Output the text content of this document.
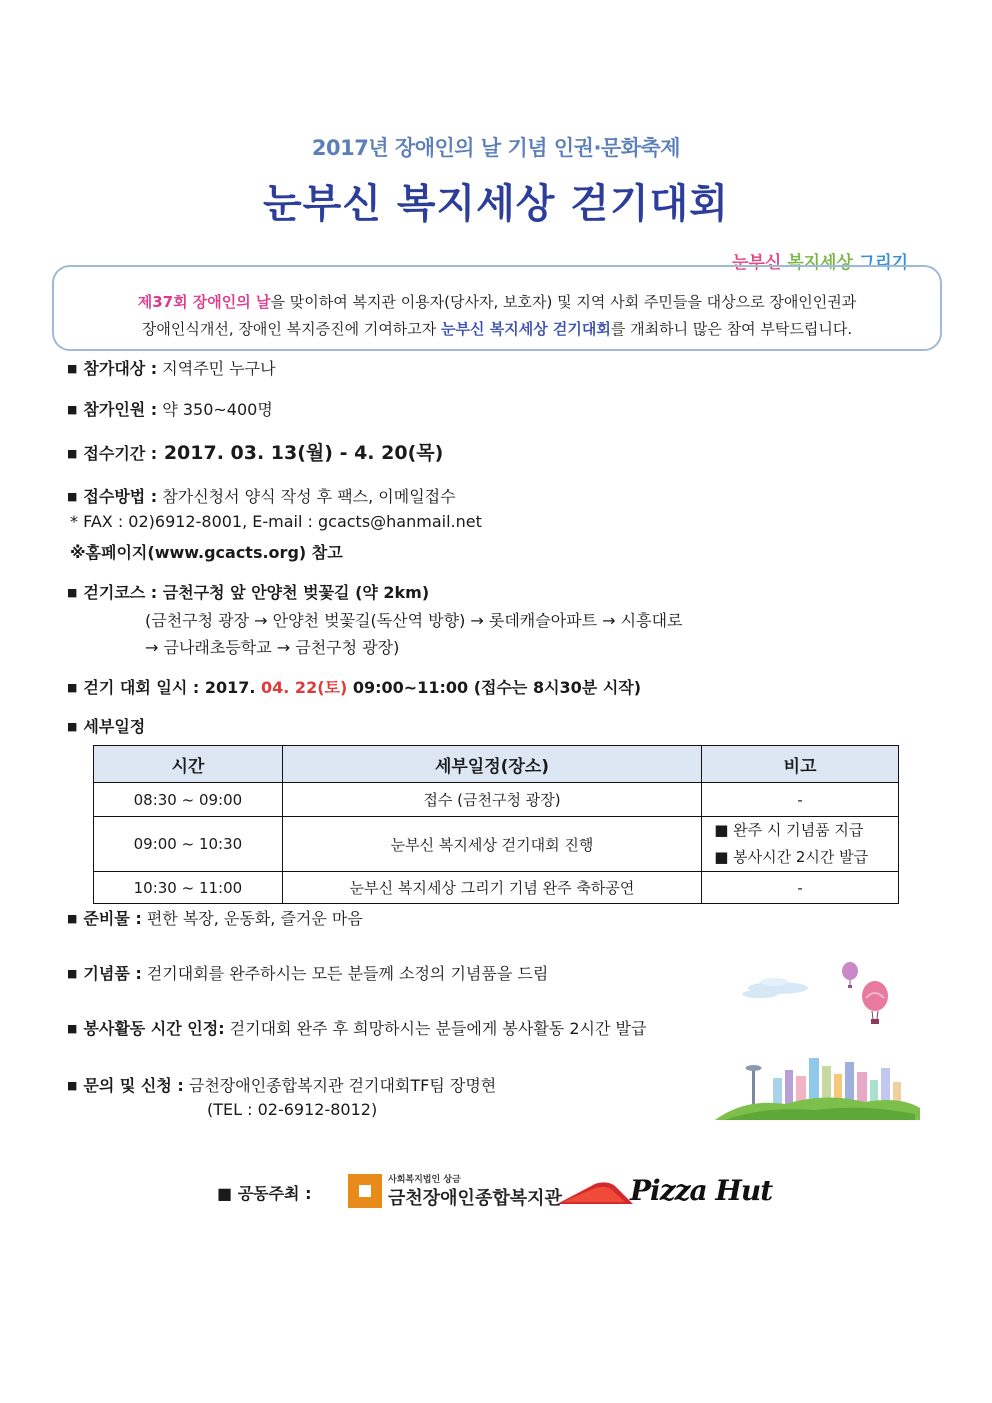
2017년 장애인의 날 기념 인권·문화축제
눈부신 복지세상 걷기대회
눈부신 복지세상 그리기
제37회 장애인의 날을 맞이하여 복지관 이용자(당사자, 보호자) 및 지역 사회 주민들을 대상으로 장애인인권과
장애인식개선, 장애인 복지증진에 기여하고자 눈부신 복지세상 걷기대회를 개최하니 많은 참여 부탁드립니다.
■ 참가대상 : 지역주민 누구나
■ 참가인원 : 약 350~400명
■ 접수기간 : 2017. 03. 13(월) - 4. 20(목)
■ 접수방법 : 참가신청서 양식 작성 후 팩스, 이메일접수
* FAX : 02)6912-8001, E-mail : gcacts@hanmail.net
※홈페이지(www.gcacts.org) 참고
■ 걷기코스 : 금천구청 앞 안양천 벚꽃길 (약 2km)
(금천구청 광장 → 안양천 벚꽃길(독산역 방향) → 롯데캐슬아파트 → 시흥대로
→ 금나래초등학교 → 금천구청 광장)
■ 걷기 대회 일시 : 2017. 04. 22(토) 09:00~11:00 (접수는 8시30분 시작)
■ 세부일정
시간	세부일정(장소)	비고
08:30 ~ 09:00	접수 (금천구청 광장)	-
09:00 ~ 10:30	눈부신 복지세상 걷기대회 진행	■ 완주 시 기념품 지급
■ 봉사시간 2시간 발급

10:30 ~ 11:00	눈부신 복지세상 그리기 기념 완주 축하공연	-
■ 준비물 : 편한 복장, 운동화, 즐거운 마음
■ 기념품 : 걷기대회를 완주하시는 모든 분들께 소정의 기념품을 드림
■ 봉사활동 시간 인정: 걷기대회 완주 후 희망하시는 분들에게 봉사활동 2시간 발급
■ 문의 및 신청 : 금천장애인종합복지관 걷기대회TF팀 장명현
(TEL : 02-6912-8012)
■ 공동주최 :
사회복지법인 상금
금천장애인종합복지관 Pizza Hut
